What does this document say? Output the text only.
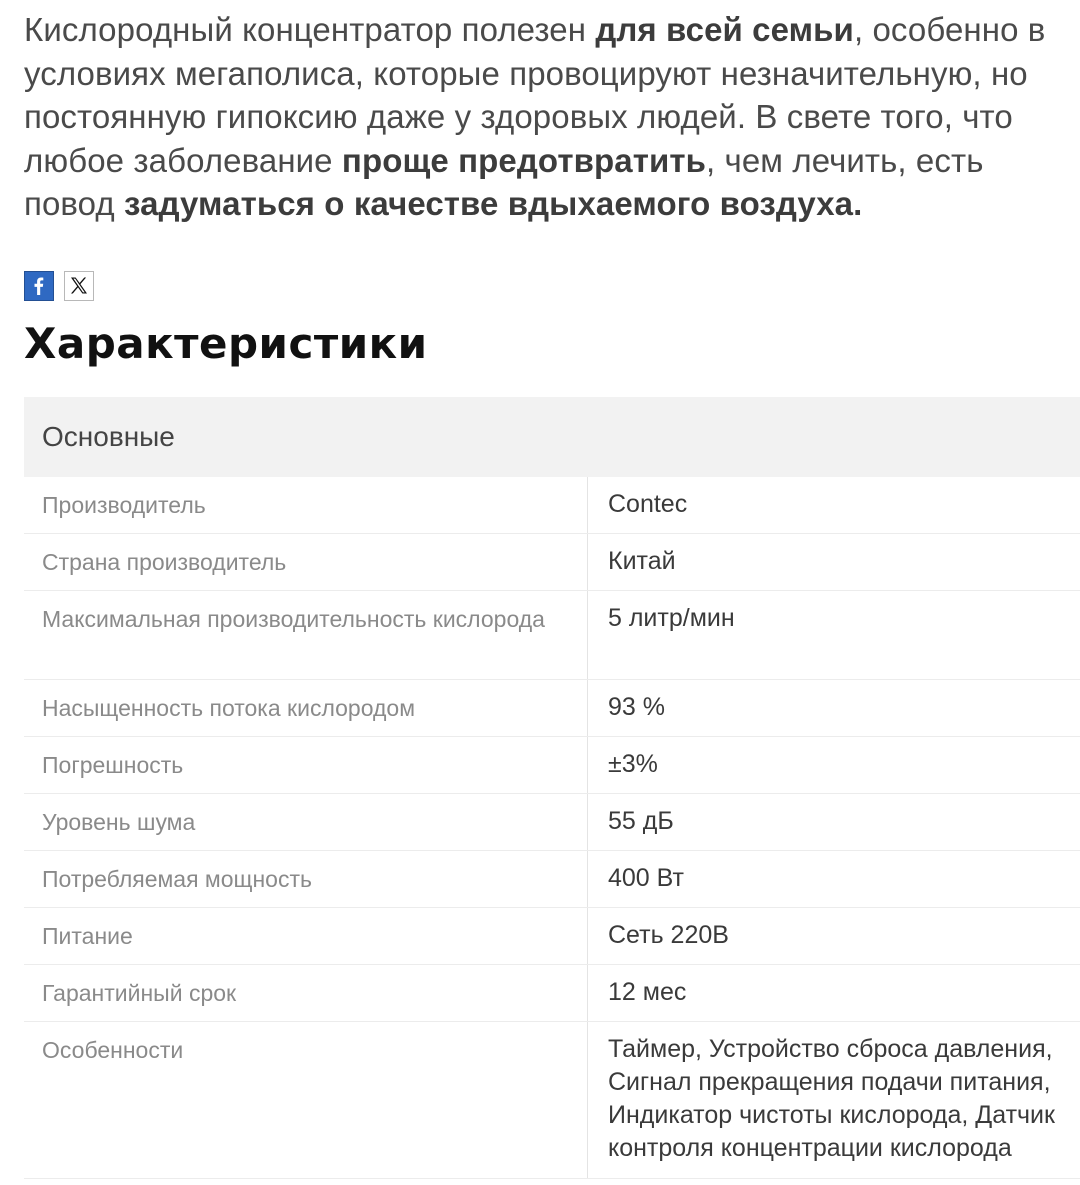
Кислородный концентратор полезен для всей семьи, особенно в условиях мегаполиса, которые провоцируют незначительную, но постоянную гипоксию даже у здоровых людей. В свете того, что любое заболевание проще предотвратить, чем лечить, есть повод задуматься о качестве вдыхаемого воздуха.

Характеристики
Основные
Производитель	Contec
Страна производитель	Китай
Максимальная производительность кислорода	5 литр/мин
Насыщенность потока кислородом	93 %
Погрешность	±3%
Уровень шума	55 дБ
Потребляемая мощность	400 Вт
Питание	Сеть 220В
Гарантийный срок	12 мес
Особенности	Таймер, Устройство сброса давления, Сигнал прекращения подачи питания, Индикатор чистоты кислорода, Датчик контроля концентрации кислорода
